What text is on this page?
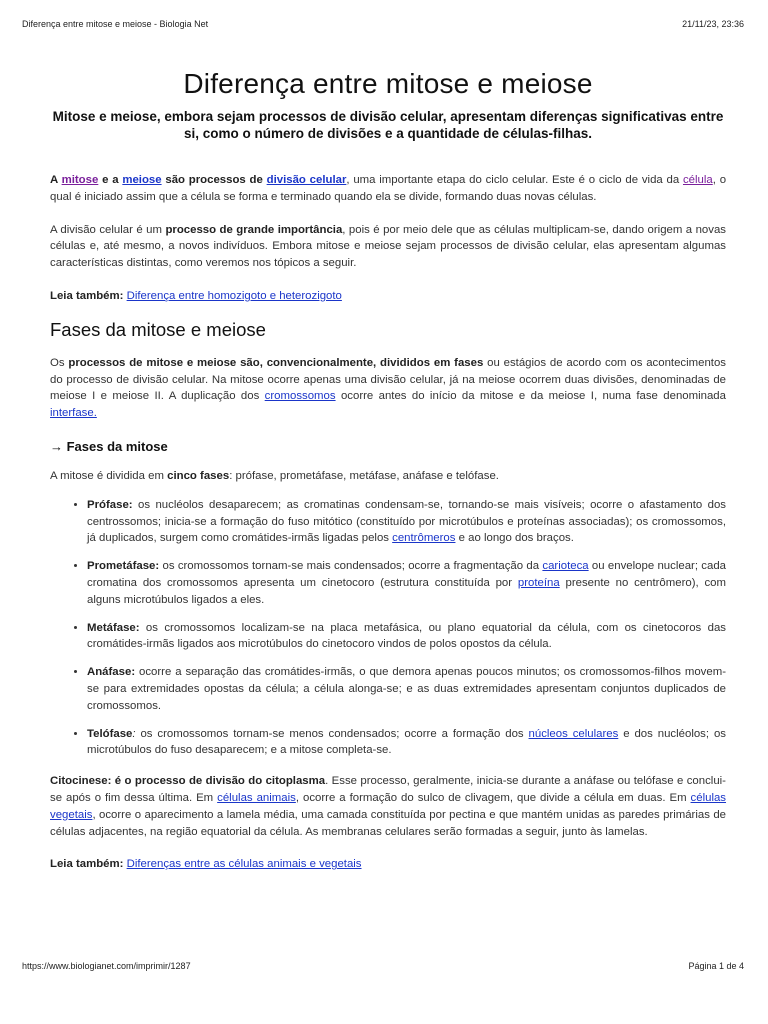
Diferença entre mitose e meiose - Biologia Net	21/11/23, 23:36
Diferença entre mitose e meiose
Mitose e meiose, embora sejam processos de divisão celular, apresentam diferenças significativas entre si, como o número de divisões e a quantidade de células-filhas.

A mitose e a meiose são processos de divisão celular, uma importante etapa do ciclo celular. Este é o ciclo de vida da célula, o qual é iniciado assim que a célula se forma e terminado quando ela se divide, formando duas novas células.

A divisão celular é um processo de grande importância, pois é por meio dele que as células multiplicam-se, dando origem a novas células e, até mesmo, a novos indivíduos. Embora mitose e meiose sejam processos de divisão celular, elas apresentam algumas características distintas, como veremos nos tópicos a seguir.

Leia também: Diferença entre homozigoto e heterozigoto

Fases da mitose e meiose

Os processos de mitose e meiose são, convencionalmente, divididos em fases ou estágios de acordo com os acontecimentos do processo de divisão celular. Na mitose ocorre apenas uma divisão celular, já na meiose ocorrem duas divisões, denominadas de meiose I e meiose II. A duplicação dos cromossomos ocorre antes do início da mitose e da meiose I, numa fase denominada interfase.

→ Fases da mitose

A mitose é dividida em cinco fases: prófase, prometáfase, metáfase, anáfase e telófase.

• Prófase: os nucléolos desaparecem; as cromatinas condensam-se, tornando-se mais visíveis; ocorre o afastamento dos centrossomos; inicia-se a formação do fuso mitótico (constituído por microtúbulos e proteínas associadas); os cromossomos, já duplicados, surgem como cromátides-irmãs ligadas pelos centrômeros e ao longo dos braços.
• Prometáfase: os cromossomos tornam-se mais condensados; ocorre a fragmentação da carioteca ou envelope nuclear; cada cromatina dos cromossomos apresenta um cinetocoro (estrutura constituída por proteína presente no centrômero), com alguns microtúbulos ligados a eles.
• Metáfase: os cromossomos localizam-se na placa metafásica, ou plano equatorial da célula, com os cinetocoros das cromátides-irmãs ligados aos microtúbulos do cinetocoro vindos de polos opostos da célula.
• Anáfase: ocorre a separação das cromátides-irmãs, o que demora apenas poucos minutos; os cromossomos-filhos movem-se para extremidades opostas da célula; a célula alonga-se; e as duas extremidades apresentam conjuntos duplicados de cromossomos.
• Telófase: os cromossomos tornam-se menos condensados; ocorre a formação dos núcleos celulares e dos nucléolos; os microtúbulos do fuso desaparecem; e a mitose completa-se.

Citocinese: é o processo de divisão do citoplasma. Esse processo, geralmente, inicia-se durante a anáfase ou telófase e conclui-se após o fim dessa última. Em células animais, ocorre a formação do sulco de clivagem, que divide a célula em duas. Em células vegetais, ocorre o aparecimento a lamela média, uma camada constituída por pectina e que mantém unidas as paredes primárias de células adjacentes, na região equatorial da célula. As membranas celulares serão formadas a seguir, junto às lamelas.

Leia também: Diferenças entre as células animais e vegetais

https://www.biologianet.com/imprimir/1287	Página 1 de 4
